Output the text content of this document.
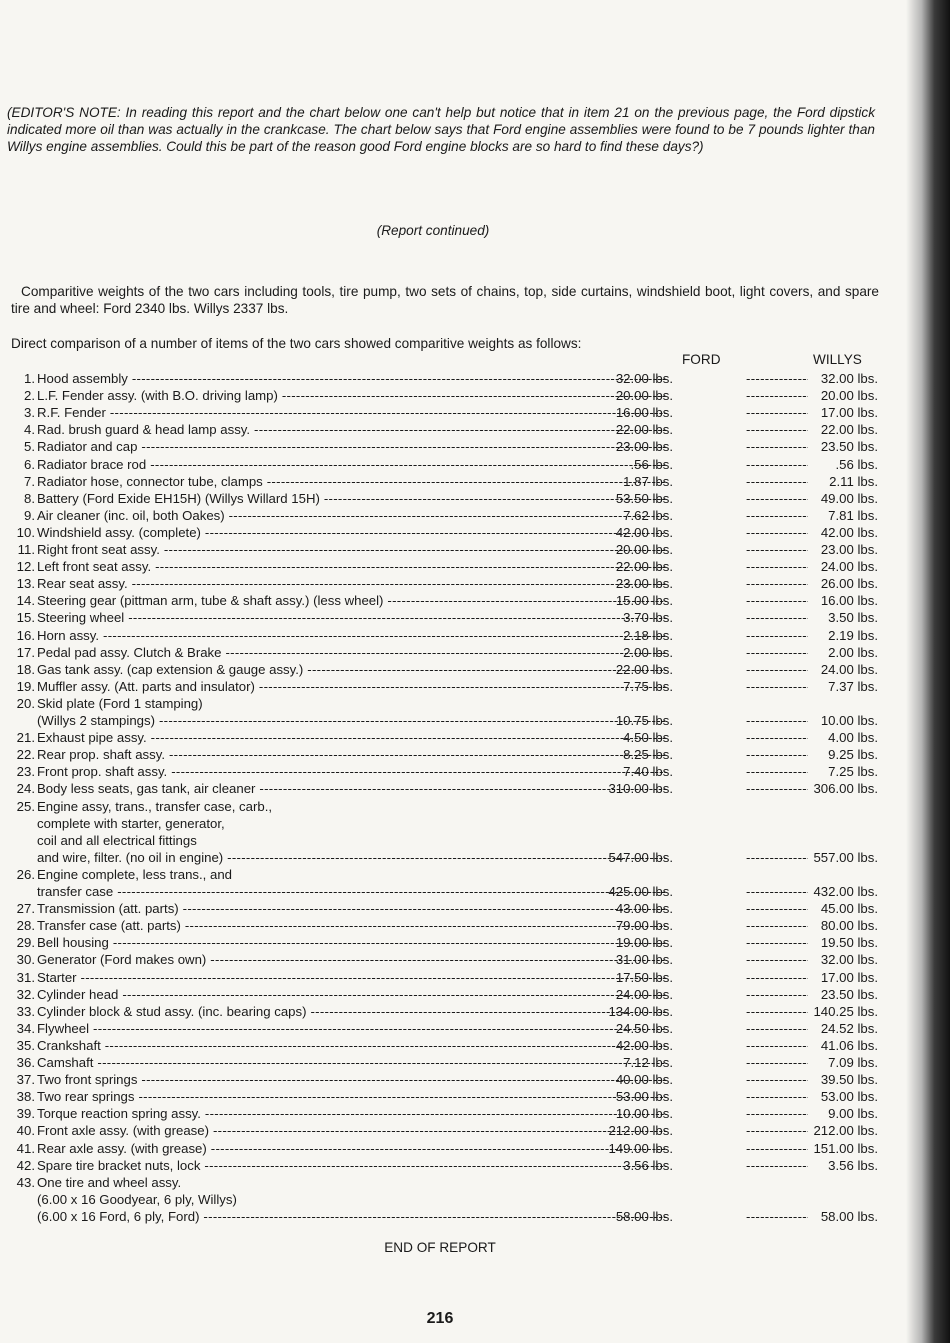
(EDITOR'S NOTE: In reading this report and the chart below one can't help but notice that in item 21 on the previous page, the Ford dipstick indicated more oil than was actually in the crankcase. The chart below says that Ford engine assemblies were found to be 7 pounds lighter than Willys engine assemblies. Could this be part of the reason good Ford engine blocks are so hard to find these days?)
(Report continued)
Comparitive weights of the two cars including tools, tire pump, two sets of chains, top, side curtains, windshield boot, light covers, and spare tire and wheel: Ford 2340 lbs. Willys 2337 lbs.
Direct comparison of a number of items of the two cars showed comparitive weights as follows:
FORD	WILLYS
1. Hood assembly -----	32.00 lbs. -----	32.00 lbs.
2. L.F. Fender assy. (with B.O. driving lamp) -----	20.00 lbs. -----	20.00 lbs.
3. R.F. Fender -----	16.00 lbs. -----	17.00 lbs.
4. Rad. brush guard & head lamp assy. -----	22.00 lbs. -----	22.00 lbs.
5. Radiator and cap -----	23.00 lbs. -----	23.50 lbs.
6. Radiator brace rod -----	.56 lbs. -----	.56 lbs.
7. Radiator hose, connector tube, clamps -----	1.87 lbs. -----	2.11 lbs.
8. Battery (Ford Exide EH15H) (Willys Willard 15H) -----	53.50 lbs. -----	49.00 lbs.
9. Air cleaner (inc. oil, both Oakes) -----	7.62 lbs. -----	7.81 lbs.
10. Windshield assy. (complete) -----	42.00 lbs. -----	42.00 lbs.
11. Right front seat assy. -----	20.00 lbs. -----	23.00 lbs.
12. Left front seat assy. -----	22.00 lbs. -----	24.00 lbs.
13. Rear seat assy. -----	23.00 lbs. -----	26.00 lbs.
14. Steering gear (pittman arm, tube & shaft assy.) (less wheel) -----	15.00 lbs. -----	16.00 lbs.
15. Steering wheel -----	3.70 lbs. -----	3.50 lbs.
16. Horn assy. -----	2.18 lbs. -----	2.19 lbs.
17. Pedal pad assy. Clutch & Brake -----	2.00 lbs. -----	2.00 lbs.
18. Gas tank assy. (cap extension & gauge assy.) -----	22.00 lbs. -----	24.00 lbs.
19. Muffler assy. (Att. parts and insulator) -----	7.75 lbs. -----	7.37 lbs.
20. Skid plate (Ford 1 stamping)
(Willys 2 stampings) -----	10.75 lbs. -----	10.00 lbs.
21. Exhaust pipe assy. -----	4.50 lbs. -----	4.00 lbs.
22. Rear prop. shaft assy. -----	8.25 lbs. -----	9.25 lbs.
23. Front prop. shaft assy. -----	7.40 lbs. -----	7.25 lbs.
24. Body less seats, gas tank, air cleaner -----	310.00 lbs. -----	306.00 lbs.
25. Engine assy, trans., transfer case, carb.,
complete with starter, generator,
coil and all electrical fittings
and wire, filter. (no oil in engine) -----	547.00 lbs. -----	557.00 lbs.
26. Engine complete, less trans., and
transfer case -----	425.00 lbs. -----	432.00 lbs.
27. Transmission (att. parts) -----	43.00 lbs. -----	45.00 lbs.
28. Transfer case (att. parts) -----	79.00 lbs. -----	80.00 lbs.
29. Bell housing -----	19.00 lbs. -----	19.50 lbs.
30. Generator (Ford makes own) -----	31.00 lbs. -----	32.00 lbs.
31. Starter -----	17.50 lbs. -----	17.00 lbs.
32. Cylinder head -----	24.00 lbs. -----	23.50 lbs.
33. Cylinder block & stud assy. (inc. bearing caps) -----	134.00 lbs. -----	140.25 lbs.
34. Flywheel -----	24.50 lbs. -----	24.52 lbs.
35. Crankshaft -----	42.00 lbs. -----	41.06 lbs.
36. Camshaft -----	7.12 lbs. -----	7.09 lbs.
37. Two front springs -----	40.00 lbs. -----	39.50 lbs.
38. Two rear springs -----	53.00 lbs. -----	53.00 lbs.
39. Torque reaction spring assy. -----	10.00 lbs. -----	9.00 lbs.
40. Front axle assy. (with grease) -----	212.00 lbs. -----	212.00 lbs.
41. Rear axle assy. (with grease) -----	149.00 lbs. -----	151.00 lbs.
42. Spare tire bracket nuts, lock -----	3.56 lbs. -----	3.56 lbs.
43. One tire and wheel assy.
(6.00 x 16 Goodyear, 6 ply, Willys)
(6.00 x 16 Ford, 6 ply, Ford) -----	58.00 lbs. -----	58.00 lbs.
END OF REPORT
216
